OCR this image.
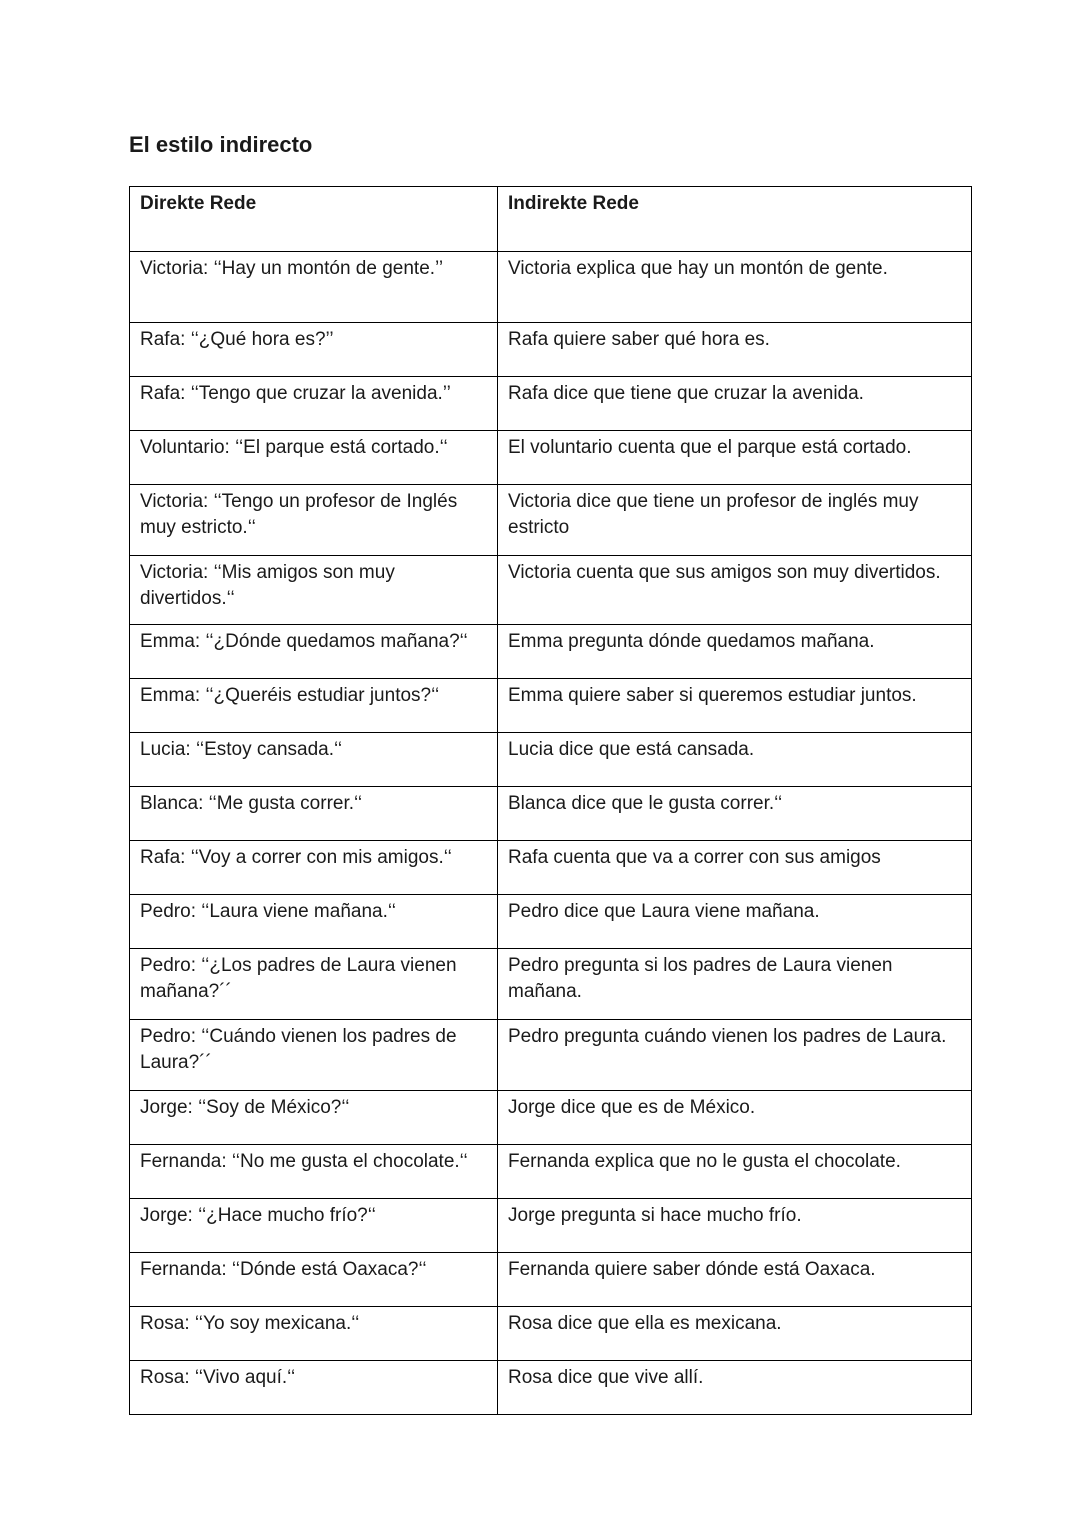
El estilo indirecto
Direkte Rede	Indirekte Rede
Victoria: ‘‘Hay un montón de gente.’’	Victoria explica que hay un montón de gente.
Rafa: ‘‘¿Qué hora es?’’	Rafa quiere saber qué hora es.
Rafa: ‘‘Tengo que cruzar la avenida.’’	Rafa dice que tiene que cruzar la avenida.
Voluntario: ‘‘El parque está cortado.‘‘	El voluntario cuenta que el parque está cortado.
Victoria: ‘‘Tengo un profesor de Inglés muy estricto.‘‘	Victoria dice que tiene un profesor de inglés muy estricto
Victoria: ‘‘Mis amigos son muy divertidos.‘‘	Victoria cuenta que sus amigos son muy divertidos.
Emma: ‘‘¿Dónde quedamos mañana?‘‘	Emma pregunta dónde quedamos mañana.
Emma: ‘‘¿Queréis estudiar juntos?‘‘	Emma quiere saber si queremos estudiar juntos.
Lucia: ‘‘Estoy cansada.‘‘	Lucia dice que está cansada.
Blanca: ‘‘Me gusta correr.‘‘	Blanca dice que le gusta correr.‘‘
Rafa: ‘‘Voy a correr con mis amigos.‘‘	Rafa cuenta que va a correr con sus amigos
Pedro: ‘‘Laura viene mañana.‘‘	Pedro dice que Laura viene mañana.
Pedro: ‘‘¿Los padres de Laura vienen mañana?´´	Pedro pregunta si los padres de Laura vienen mañana.
Pedro: ‘‘Cuándo vienen los padres de Laura?´´	Pedro pregunta cuándo vienen los padres de Laura.
Jorge: ‘‘Soy de México?‘‘	Jorge dice que es de México.
Fernanda: ‘‘No me gusta el chocolate.‘‘	Fernanda explica que no le gusta el chocolate.
Jorge: ‘‘¿Hace mucho frío?‘‘	Jorge pregunta si hace mucho frío.
Fernanda: ‘‘Dónde está Oaxaca?‘‘	Fernanda quiere saber dónde está Oaxaca.
Rosa: ‘‘Yo soy mexicana.‘‘	Rosa dice que ella es mexicana.
Rosa: ‘‘Vivo aquí.‘‘	Rosa dice que vive allí.
